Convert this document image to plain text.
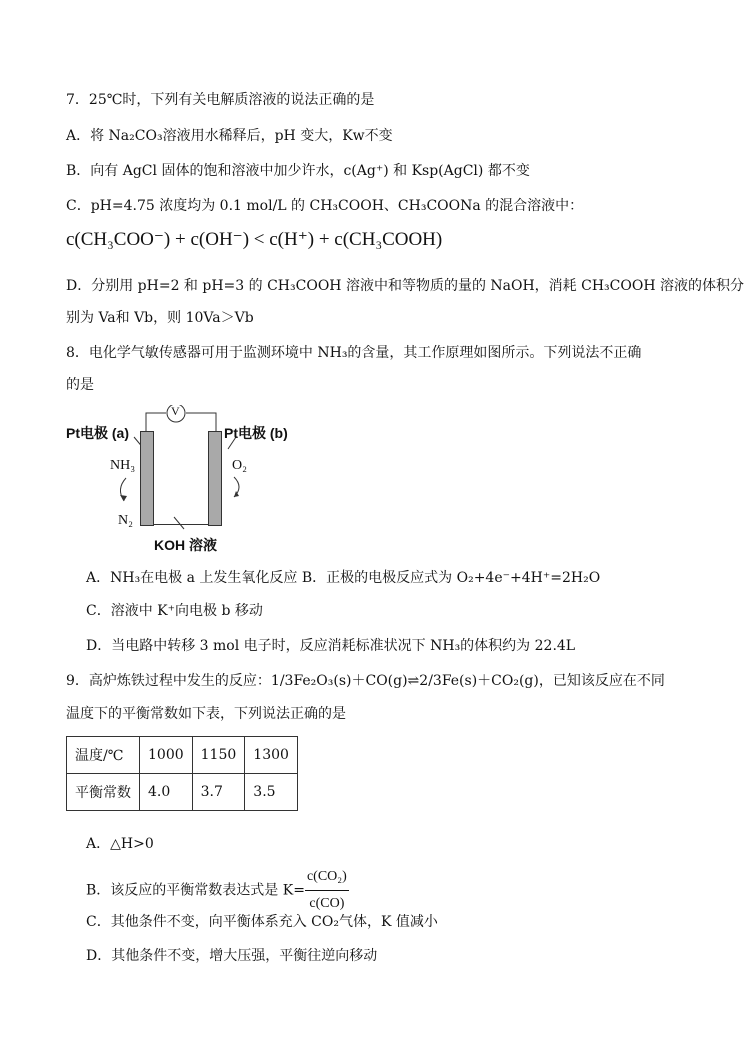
7．25℃时，下列有关电解质溶液的说法正确的是
A．将 Na₂CO₃溶液用水稀释后，pH 变大，Kw不变
B．向有 AgCl 固体的饱和溶液中加少许水，c(Ag⁺) 和 Ksp(AgCl) 都不变
C．pH=4.75 浓度均为 0.1 mol/L 的 CH₃COOH、CH₃COONa 的混合溶液中：
c(CH₃COO⁻) + c(OH⁻) < c(H⁺) + c(CH₃COOH)
D．分别用 pH=2 和 pH=3 的 CH₃COOH 溶液中和等物质的量的 NaOH，消耗 CH₃COOH 溶液的体积分
别为 Va和 Vb，则 10Va＞Vb
8．电化学气敏传感器可用于监测环境中 NH₃的含量，其工作原理如图所示。下列说法不正确
的是
V
Pt电极 (a)	Pt电极 (b)
NH₃
N₂
O₂
KOH 溶液
A．NH₃在电极 a 上发生氧化反应 B．正极的电极反应式为 O₂+4e⁻+4H⁺=2H₂O
C．溶液中 K⁺向电极 b 移动
D．当电路中转移 3 mol 电子时，反应消耗标准状况下 NH₃的体积约为 22.4L
9．高炉炼铁过程中发生的反应：1/3Fe₂O₃(s)＋CO(g)⇌2/3Fe(s)＋CO₂(g)，已知该反应在不同
温度下的平衡常数如下表，下列说法正确的是
温度/℃	1000	1150	1300
平衡常数	4.0	3.7	3.5
A．△H>0
B．该反应的平衡常数表达式是 $K= \frac{\text{c(CO₂)}}{c(CO)}$
C．其他条件不变，向平衡体系充入 CO₂气体，K 值减小
D．其他条件不变，增大压强，平衡往逆向移动
